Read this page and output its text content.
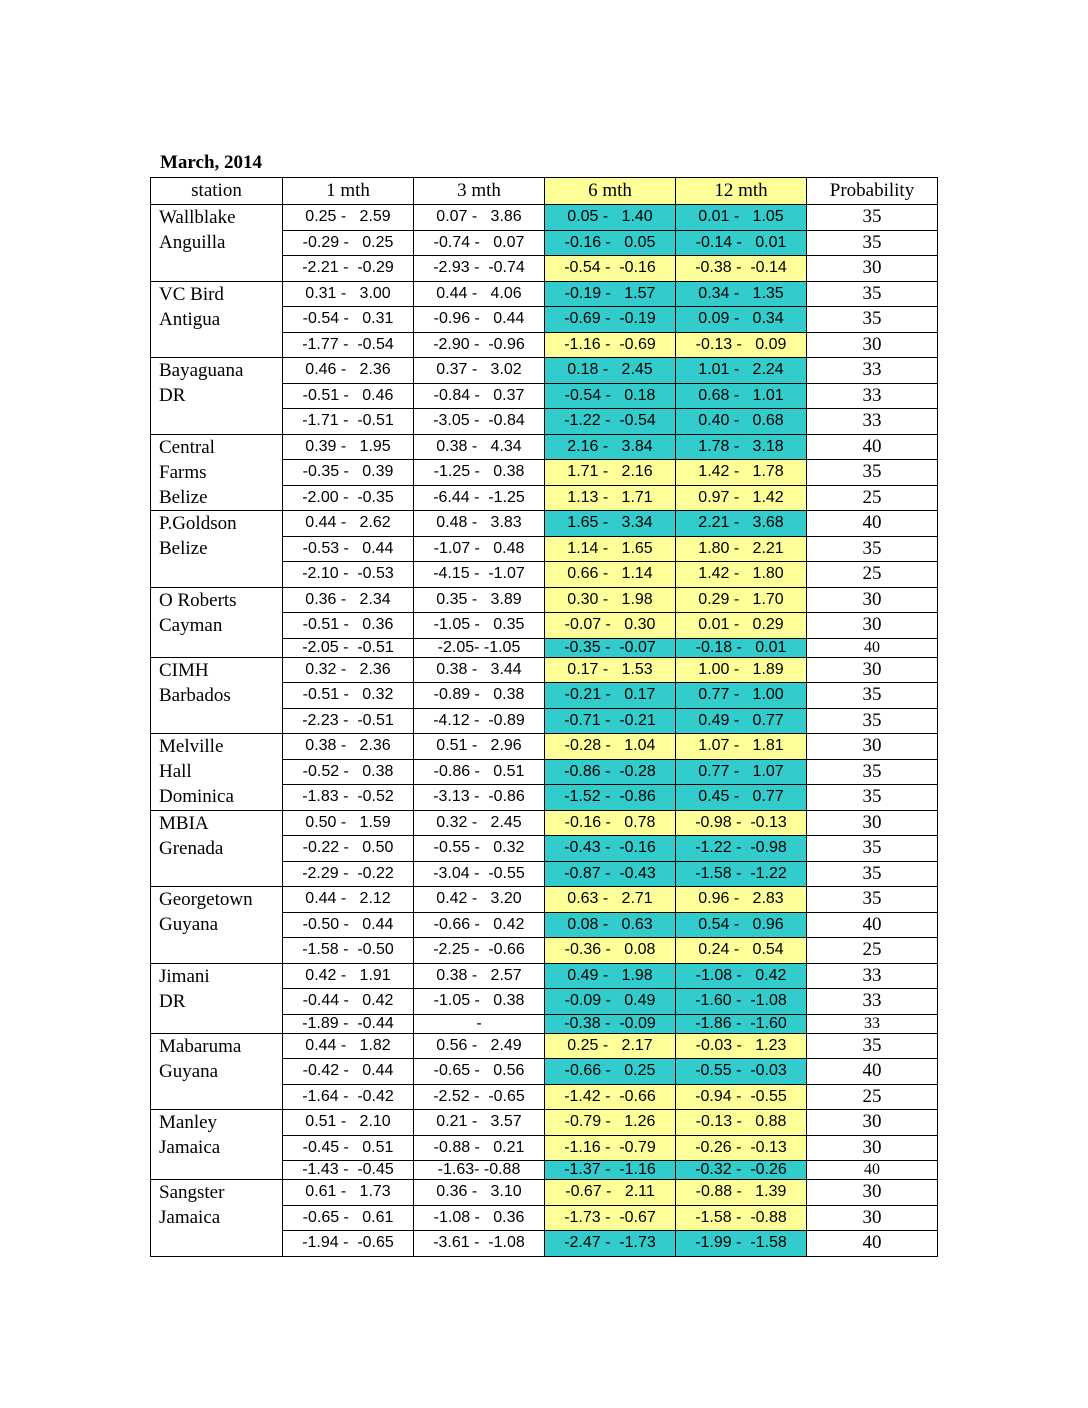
March, 2014
station	1 mth	3 mth	6 mth	12 mth	Probability
Wallblake
Anguilla	0.25 -   2.59	0.07 -   3.86	0.05 -   1.40	0.01 -   1.05	35
	-0.29 -   0.25	-0.74 -   0.07	-0.16 -   0.05	-0.14 -   0.01	35
	-2.21 -  -0.29	-2.93 -  -0.74	-0.54 -  -0.16	-0.38 -  -0.14	30
VC Bird
Antigua	0.31 -   3.00	0.44 -   4.06	-0.19 -   1.57	0.34 -   1.35	35
	-0.54 -   0.31	-0.96 -   0.44	-0.69 -  -0.19	0.09 -   0.34	35
	-1.77 -  -0.54	-2.90 -  -0.96	-1.16 -  -0.69	-0.13 -   0.09	30
Bayaguana
DR	0.46 -   2.36	0.37 -   3.02	0.18 -   2.45	1.01 -   2.24	33
	-0.51 -   0.46	-0.84 -   0.37	-0.54 -   0.18	0.68 -   1.01	33
	-1.71 -  -0.51	-3.05 -  -0.84	-1.22 -  -0.54	0.40 -   0.68	33
Central
Farms
Belize	0.39 -   1.95	0.38 -   4.34	2.16 -   3.84	1.78 -   3.18	40
	-0.35 -   0.39	-1.25 -   0.38	1.71 -   2.16	1.42 -   1.78	35
	-2.00 -  -0.35	-6.44 -  -1.25	1.13 -   1.71	0.97 -   1.42	25
P.Goldson
Belize	0.44 -   2.62	0.48 -   3.83	1.65 -   3.34	2.21 -   3.68	40
	-0.53 -   0.44	-1.07 -   0.48	1.14 -   1.65	1.80 -   2.21	35
	-2.10 -  -0.53	-4.15 -  -1.07	0.66 -   1.14	1.42 -   1.80	25
O Roberts
Cayman	0.36 -   2.34	0.35 -   3.89	0.30 -   1.98	0.29 -   1.70	30
	-0.51 -   0.36	-1.05 -   0.35	-0.07 -   0.30	0.01 -   0.29	30
	-2.05 -  -0.51	-2.05- -1.05	-0.35 -  -0.07	-0.18 -   0.01	40
CIMH
Barbados	0.32 -   2.36	0.38 -   3.44	0.17 -   1.53	1.00 -   1.89	30
	-0.51 -   0.32	-0.89 -   0.38	-0.21 -   0.17	0.77 -   1.00	35
	-2.23 -  -0.51	-4.12 -  -0.89	-0.71 -  -0.21	0.49 -   0.77	35
Melville
Hall
Dominica	0.38 -   2.36	0.51 -   2.96	-0.28 -   1.04	1.07 -   1.81	30
	-0.52 -   0.38	-0.86 -   0.51	-0.86 -  -0.28	0.77 -   1.07	35
	-1.83 -  -0.52	-3.13 -  -0.86	-1.52 -  -0.86	0.45 -   0.77	35
MBIA
Grenada	0.50 -   1.59	0.32 -   2.45	-0.16 -   0.78	-0.98 -  -0.13	30
	-0.22 -   0.50	-0.55 -   0.32	-0.43 -  -0.16	-1.22 -  -0.98	35
	-2.29 -  -0.22	-3.04 -  -0.55	-0.87 -  -0.43	-1.58 -  -1.22	35
Georgetown
Guyana	0.44 -   2.12	0.42 -   3.20	0.63 -   2.71	0.96 -   2.83	35
	-0.50 -   0.44	-0.66 -   0.42	0.08 -   0.63	0.54 -   0.96	40
	-1.58 -  -0.50	-2.25 -  -0.66	-0.36 -   0.08	0.24 -   0.54	25
Jimani
DR	0.42 -   1.91	0.38 -   2.57	0.49 -   1.98	-1.08 -   0.42	33
	-0.44 -   0.42	-1.05 -   0.38	-0.09 -   0.49	-1.60 -  -1.08	33
	-1.89 -  -0.44	-	-0.38 -  -0.09	-1.86 -  -1.60	33
Mabaruma
Guyana	0.44 -   1.82	0.56 -   2.49	0.25 -   2.17	-0.03 -   1.23	35
	-0.42 -   0.44	-0.65 -   0.56	-0.66 -   0.25	-0.55 -  -0.03	40
	-1.64 -  -0.42	-2.52 -  -0.65	-1.42 -  -0.66	-0.94 -  -0.55	25
Manley
Jamaica	0.51 -   2.10	0.21 -   3.57	-0.79 -   1.26	-0.13 -   0.88	30
	-0.45 -   0.51	-0.88 -   0.21	-1.16 -  -0.79	-0.26 -  -0.13	30
	-1.43 -  -0.45	-1.63- -0.88	-1.37 -  -1.16	-0.32 -  -0.26	40
Sangster
Jamaica	0.61 -   1.73	0.36 -   3.10	-0.67 -   2.11	-0.88 -   1.39	30
	-0.65 -   0.61	-1.08 -   0.36	-1.73 -  -0.67	-1.58 -  -0.88	30
	-1.94 -  -0.65	-3.61 -  -1.08	-2.47 -  -1.73	-1.99 -  -1.58	40
